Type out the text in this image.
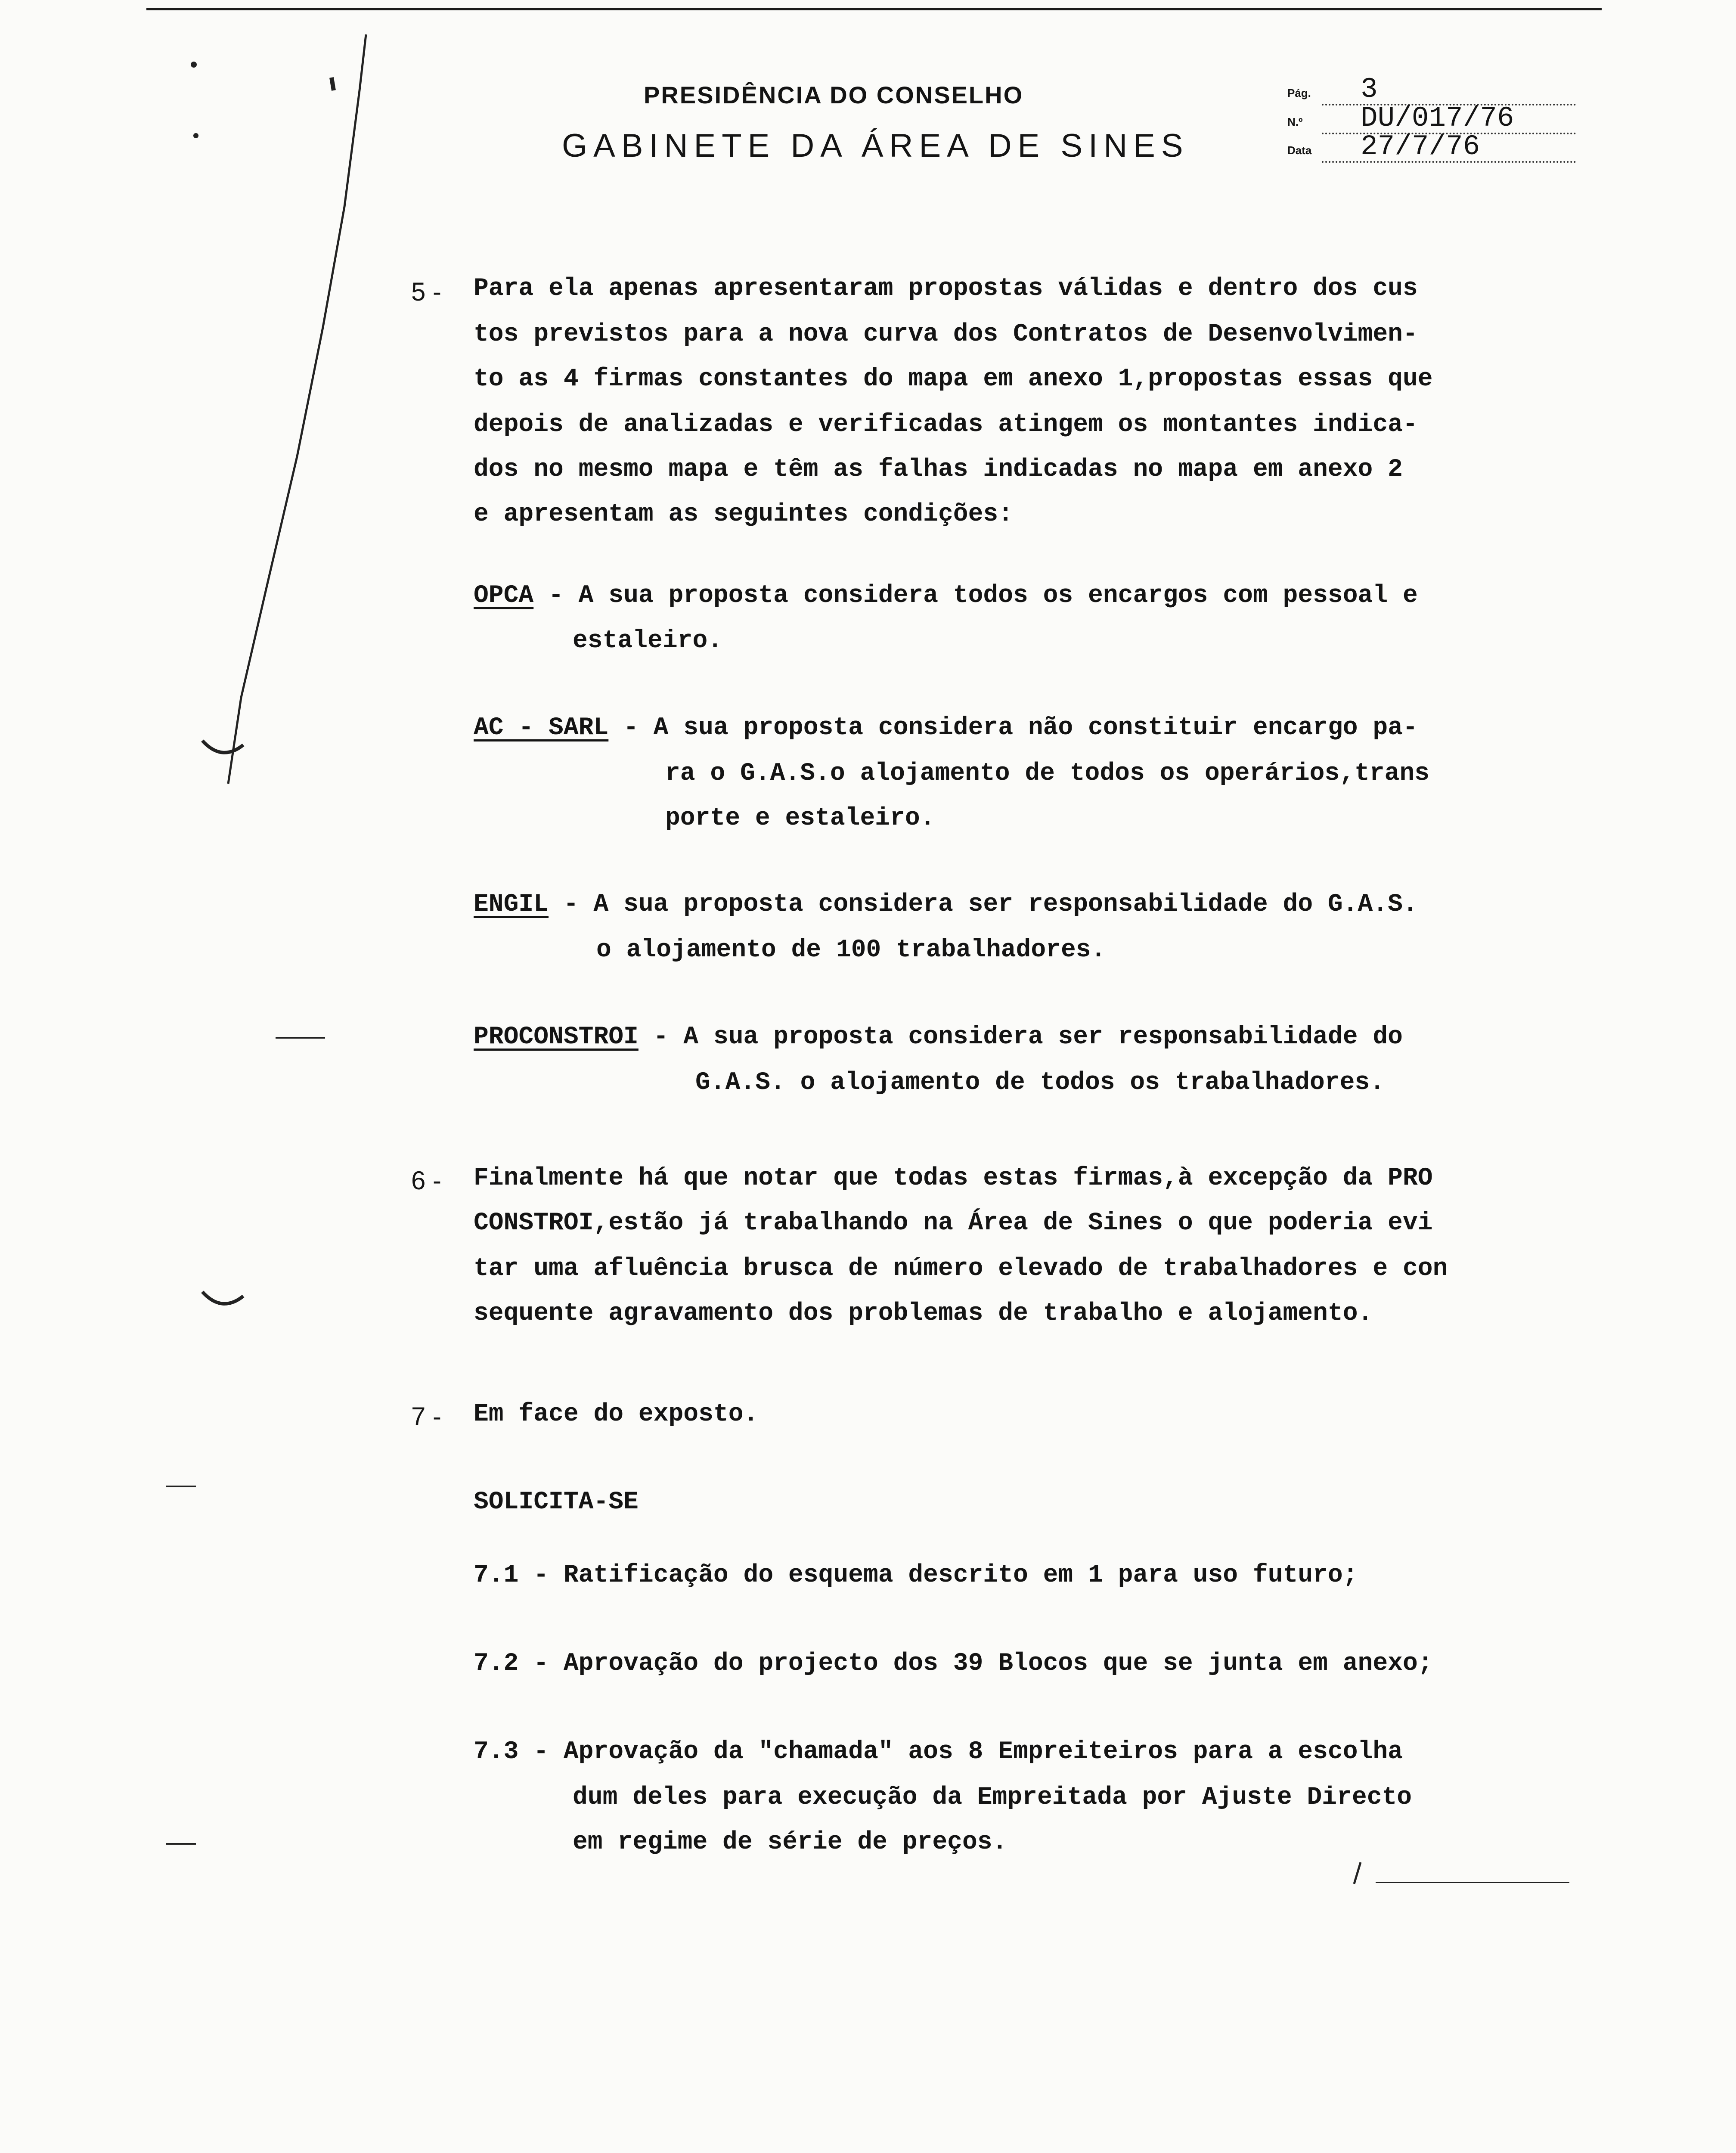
PRESIDÊNCIA DO CONSELHO
GABINETE DA ÁREA DE SINES
Pág. 3
N.º DU/017/76
Data 27/7/76
5 - Para ela apenas apresentaram propostas válidas e dentro dos cus
tos previstos para a nova curva dos Contratos de Desenvolvimen-
to as 4 firmas constantes do mapa em anexo 1,propostas essas que
depois de analizadas e verificadas atingem os montantes indica-
dos no mesmo mapa e têm as falhas indicadas no mapa em anexo 2
e apresentam as seguintes condições:
OPCA - A sua proposta considera todos os encargos com pessoal e
estaleiro.
AC - SARL - A sua proposta considera não constituir encargo pa-
ra o G.A.S.o alojamento de todos os operários,trans
porte e estaleiro.
ENGIL - A sua proposta considera ser responsabilidade do G.A.S.
o alojamento de 100 trabalhadores.
PROCONSTROI - A sua proposta considera ser responsabilidade do
G.A.S. o alojamento de todos os trabalhadores.
6 - Finalmente há que notar que todas estas firmas,à excepção da PRO
CONSTROI,estão já trabalhando na Área de Sines o que poderia evi
tar uma afluência brusca de número elevado de trabalhadores e con
sequente agravamento dos problemas de trabalho e alojamento.
7 - Em face do exposto.
SOLICITA-SE
7.1 - Ratificação do esquema descrito em 1 para uso futuro;
7.2 - Aprovação do projecto dos 39 Blocos que se junta em anexo;
7.3 - Aprovação da "chamada" aos 8 Empreiteiros para a escolha
dum deles para execução da Empreitada por Ajuste Directo
em regime de série de preços.
